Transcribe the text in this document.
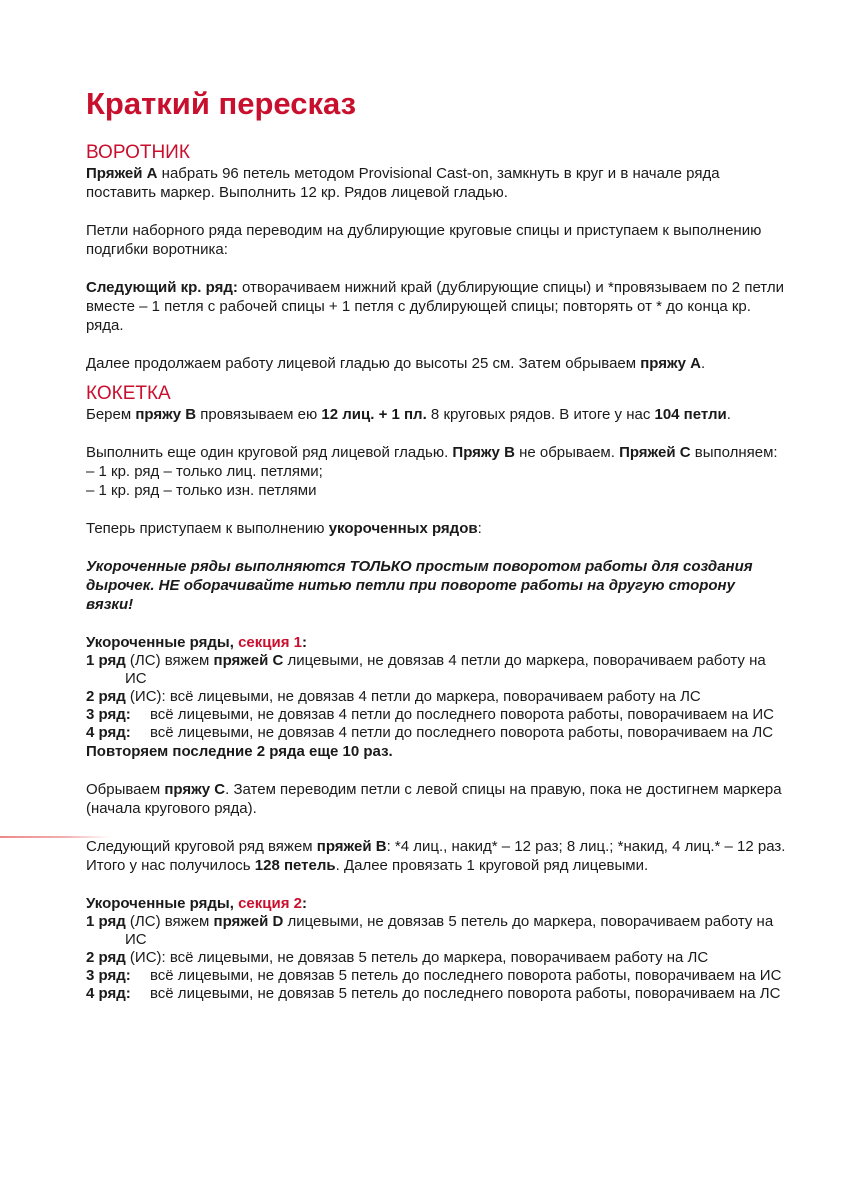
Краткий пересказ
ВОРОТНИК

Пряжей А набрать 96 петель методом Provisional Cast-on, замкнуть в круг и в начале ряда поставить маркер. Выполнить 12 кр. Рядов лицевой гладью.

Петли наборного ряда переводим на дублирующие круговые спицы и приступаем к выполнению подгибки воротника:

Следующий кр. ряд: отворачиваем нижний край (дублирующие спицы) и *провязываем по 2 петли вместе – 1 петля с рабочей спицы + 1 петля с дублирующей спицы; повторять от * до конца кр. ряда.

Далее продолжаем работу лицевой гладью до высоты 25 см. Затем обрываем пряжу А.

КОКЕТКА

Берем пряжу В провязываем ею 12 лиц. + 1 пл. 8 круговых рядов. В итоге у нас 104 петли.

Выполнить еще один круговой ряд лицевой гладью. Пряжу В не обрываем. Пряжей С выполняем:

– 1 кр. ряд – только лиц. петлями;

– 1 кр. ряд – только изн. петлями

Теперь приступаем к выполнению укороченных рядов:

Укороченные ряды выполняются ТОЛЬКО простым поворотом работы для создания дырочек. НЕ оборачивайте нитью петли при повороте работы на другую сторону вязки!

Укороченные ряды, секция 1:

1 ряд (ЛС) вяжем пряжей С лицевыми, не довязав 4 петли до маркера, поворачиваем работу на ИС

2 ряд (ИС): всё лицевыми, не довязав 4 петли до маркера, поворачиваем работу на ЛС

3 ряд:	всё лицевыми, не довязав 4 петли до последнего поворота работы, поворачиваем на ИС
4 ряд:	всё лицевыми, не довязав 4 петли до последнего поворота работы, поворачиваем на ЛС

Повторяем последние 2 ряда еще 10 раз.

Обрываем пряжу С. Затем переводим петли с левой спицы на правую, пока не достигнем маркера (начала кругового ряда).

Следующий круговой ряд вяжем пряжей В: *4 лиц., накид* – 12 раз; 8 лиц.; *накид, 4 лиц.* – 12 раз. Итого у нас получилось 128 петель. Далее провязать 1 круговой ряд лицевыми.

Укороченные ряды, секция 2:

1 ряд (ЛС) вяжем пряжей D лицевыми, не довязав 5 петель до маркера, поворачиваем работу на ИС

2 ряд (ИС): всё лицевыми, не довязав 5 петель до маркера, поворачиваем работу на ЛС

3 ряд:	всё лицевыми, не довязав 5 петель до последнего поворота работы, поворачиваем на ИС
4 ряд:	всё лицевыми, не довязав 5 петель до последнего поворота работы, поворачиваем на ЛС
